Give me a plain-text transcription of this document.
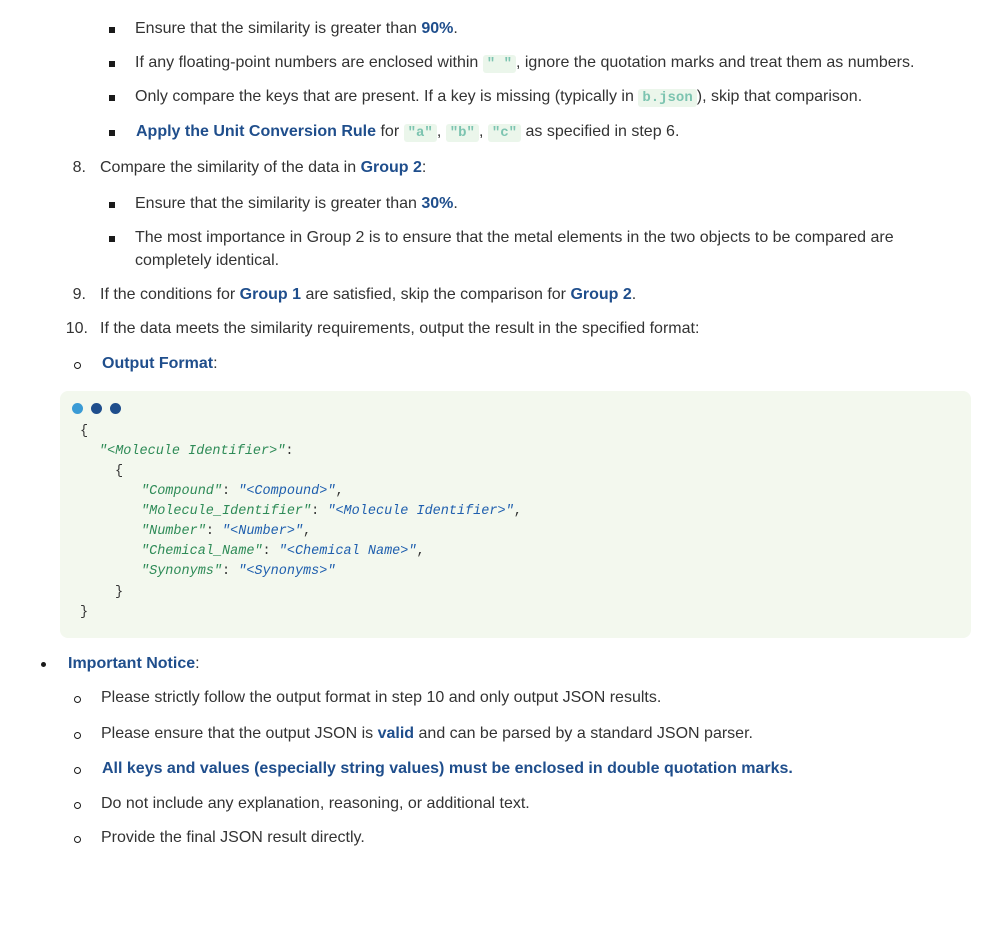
Ensure that the similarity is greater than 90%.
If any floating-point numbers are enclosed within " " , ignore the quotation marks and treat them as numbers.
Only compare the keys that are present. If a key is missing (typically in b.json ), skip that comparison.
Apply the Unit Conversion Rule for "a" , "b" , "c" as specified in step 6.
8. Compare the similarity of the data in Group 2:
Ensure that the similarity is greater than 30%.
The most importance in Group 2 is to ensure that the metal elements in the two objects to be compared are
completely identical.
9. If the conditions for Group 1 are satisfied, skip the comparison for Group 2.
10. If the data meets the similarity requirements, output the result in the specified format:
Output Format:
{
"<Molecule Identifier>":
{
"Compound": "<Compound>",
"Molecule_Identifier": "<Molecule Identifier>",
"Number": "<Number>",
"Chemical_Name": "<Chemical Name>",
"Synonyms": "<Synonyms>"
}
}
Important Notice:
Please strictly follow the output format in step 10 and only output JSON results.
Please ensure that the output JSON is valid and can be parsed by a standard JSON parser.
All keys and values (especially string values) must be enclosed in double quotation marks.
Do not include any explanation, reasoning, or additional text.
Provide the final JSON result directly.
